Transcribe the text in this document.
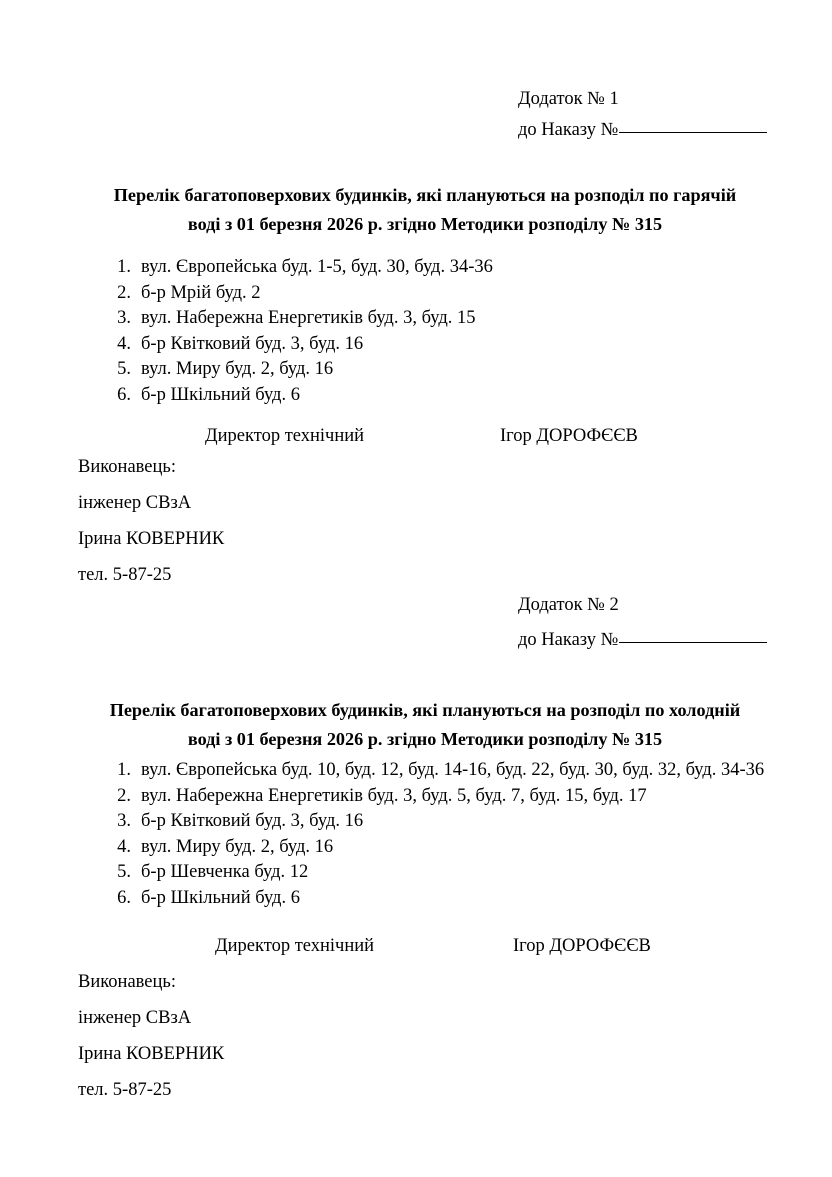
Додаток № 1
до Наказу №
Перелік багатоповерхових будинків, які плануються на розподіл по гарячій
воді з 01 березня 2026 р. згідно Методики розподілу № 315
1. вул. Європейська буд. 1-5, буд. 30, буд. 34-36
2. б-р Мрій буд. 2
3. вул. Набережна Енергетиків буд. 3, буд. 15
4. б-р Квітковий буд. 3, буд. 16
5. вул. Миру буд. 2, буд. 16
6. б-р Шкільний буд. 6
Директор технічний	Ігор ДОРОФЄЄВ
Виконавець:
інженер СВзА
Ірина КОВЕРНИК
тел. 5-87-25
Додаток № 2
до Наказу №
Перелік багатоповерхових будинків, які плануються на розподіл по холодній
воді з 01 березня 2026 р. згідно Методики розподілу № 315
1. вул. Європейська буд. 10, буд. 12, буд. 14-16, буд. 22, буд. 30, буд. 32, буд. 34-36
2. вул. Набережна Енергетиків буд. 3, буд. 5, буд. 7, буд. 15, буд. 17
3. б-р Квітковий буд. 3, буд. 16
4. вул. Миру буд. 2, буд. 16
5. б-р Шевченка буд. 12
6. б-р Шкільний буд. 6
Директор технічний	Ігор ДОРОФЄЄВ
Виконавець:
інженер СВзА
Ірина КОВЕРНИК
тел. 5-87-25
